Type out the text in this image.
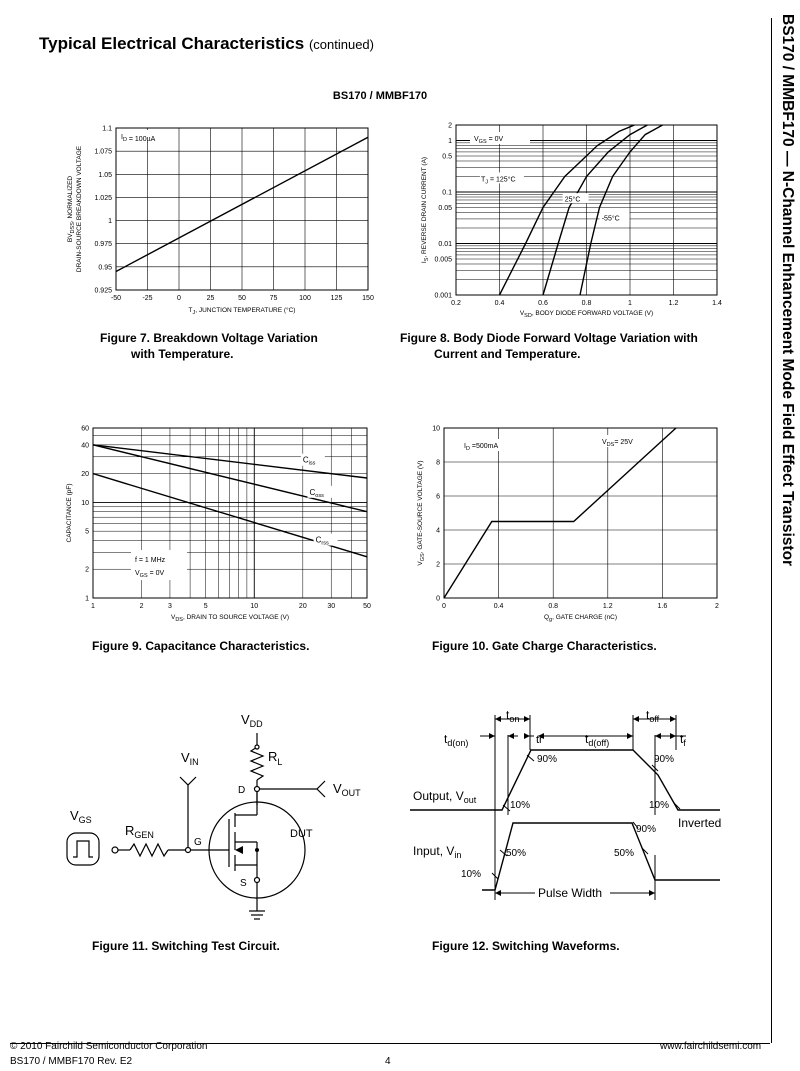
Typical Electrical Characteristics (continued)
BS170 / MMBF170	BS170 / MMBF170 — N-Channel Enhancement Mode Field Effect Transistor
-50	-25	0	25	50	75	100	125	150
0.925
0.95
0.975
1
1.025
1.05
1.075
1.1
$I_D = 100\mu A$
$T_J$, JUNCTION TEMPERATURE (°C)
$BV_{DSS}$, NORMALIZED DRAIN-SOURCE BREAKDOWN VOLTAGE
0.2	0.4	0.6	0.8	1	1.2	1.4
0.001
0.005
0.01
0.05
0.1
0.5
1
2
$V_{GS} = 0V$
$T_J = 125^\circ C$
25°C
-55°C
$V_{SD}$, BODY DIODE FORWARD VOLTAGE (V)
$I_S$, REVERSE DRAIN CURRENT (A)
1	2	3	5	10	20	30	50
1
2
5
10
20
40
60
$C_{iss}$
$C_{oss}$
$C_{rss}$
f = 1 MHz
$V_{GS} = 0V$
$V_{DS}$, DRAIN TO SOURCE VOLTAGE (V)
CAPACITANCE (pF)
0	0.4	0.8	1.2	1.6	2
0
2
4
6
8
10
$I_D =500mA$
$V_{DS}= 25V$
$Q_g$, GATE CHARGE (nC)
$V_{GS}$, GATE-SOURCE VOLTAGE (V)
Figure 7. Breakdown Voltage Variation
with Temperature.
Figure 8. Body Diode Forward Voltage Variation with
Current and Temperature.
Figure 9. Capacitance Characteristics.	Figure 10. Gate Charge Characteristics.
Figure 11. Switching Test Circuit.	Figure 12. Switching Waveforms.
$V_{DD}$
$R_L$
$V_{IN}$
$V_{OUT}$
$V_{GS}$
$R_{GEN}$
D
G
S
DUT
$t_{on}$	$t_{off}$
$t_{d(on)}$	tr	$t_{d(off)}$	$t_f$
Output, $V_{out}$
Input, $V_{in}$
Inverted
Pulse Width
90%	90%
10%	10%
90%
50%	50%
10%
© 2010 Fairchild Semiconductor Corporation
BS170 / MMBF170 Rev. E2	4
www.fairchildsemi.com
